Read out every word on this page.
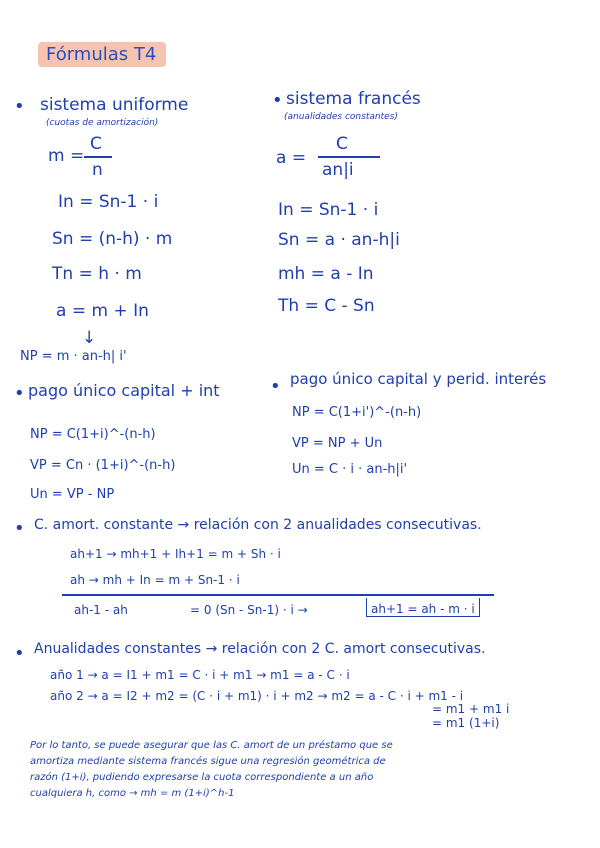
Fórmulas T4
• sistema uniforme
(cuotas de amortización)
m =
C
n
In = Sn-1 · i
Sn = (n-h) · m
Tn = h · m
a = m + In
↓
NP = m · an-h| i'
• sistema francés
(anualidades constantes)
a =
C
an|i
In = Sn-1 · i
Sn = a · an-h|i
mh = a - In
Th = C - Sn
• pago único capital + int
NP = C(1+i)^-(n-h)
VP = Cn · (1+i)^-(n-h)
Un = VP - NP
• pago único capital y perid. interés
NP = C(1+i')^-(n-h)
VP = NP + Un
Un = C · i · an-h|i'
• C. amort. constante → relación con 2 anualidades consecutivas.
ah+1 → mh+1 + Ih+1 = m + Sh · i
ah → mh + In = m + Sn-1 · i
ah-1 - ah	= 0 (Sn - Sn-1) · i →	ah+1 = ah - m · i
• Anualidades constantes → relación con 2 C. amort consecutivas.
año 1 → a = I1 + m1 = C · i + m1 → m1 = a - C · i
año 2 → a = I2 + m2 = (C · i + m1) · i + m2 → m2 = a - C · i + m1 - i
= m1 + m1 i
= m1 (1+i)
Por lo tanto, se puede asegurar que las C. amort de un préstamo que se
amortiza mediante sistema francés sigue una regresión geométrica de
razón (1+i), pudiendo expresarse la cuota correspondiente a un año
cualquiera h, como → mh = m (1+i)^h-1
